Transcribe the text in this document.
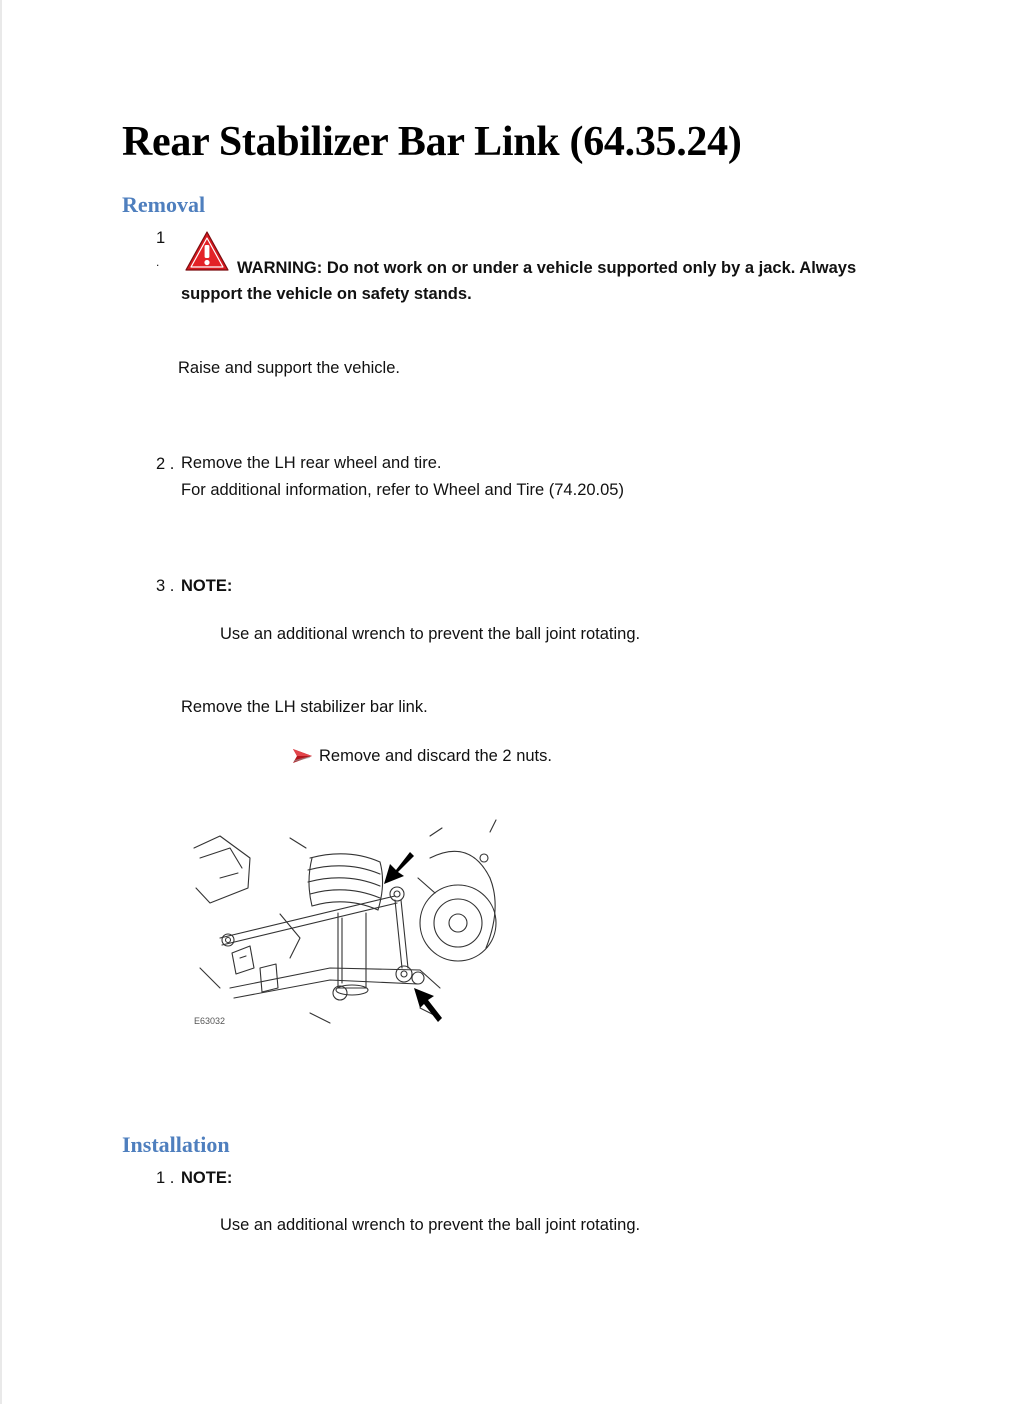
Rear Stabilizer Bar Link (64.35.24)
Removal
1
.	WARNING: Do not work on or under a vehicle supported only by a jack. Always
support the vehicle on safety stands.
Raise and support the vehicle.
2 . Remove the LH rear wheel and tire.
For additional information, refer to Wheel and Tire (74.20.05)
3 . NOTE:
Use an additional wrench to prevent the ball joint rotating.
Remove the LH stabilizer bar link.
Remove and discard the 2 nuts.
E63032
Installation
1 . NOTE:
Use an additional wrench to prevent the ball joint rotating.
